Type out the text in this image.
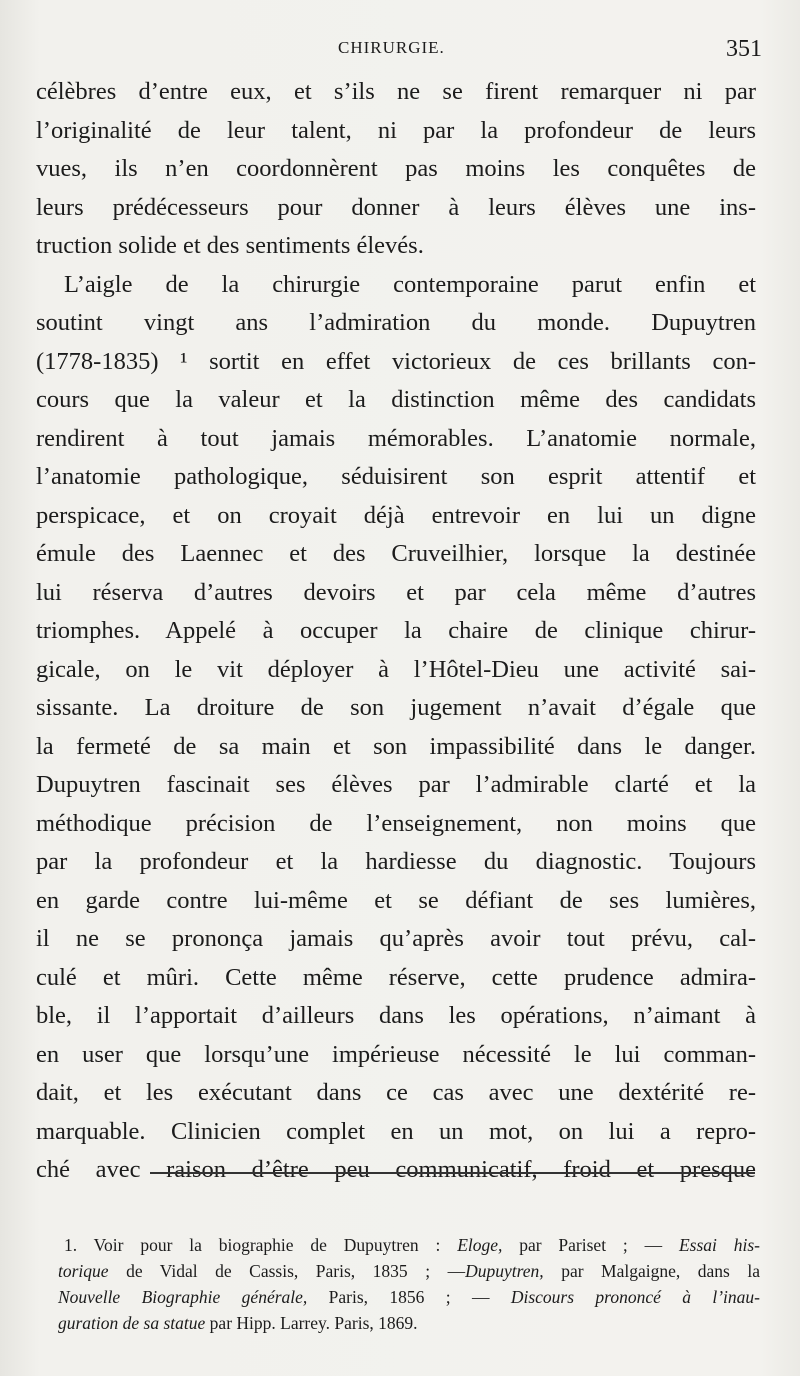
CHIRURGIE.	351
célèbres d’entre eux, et s’ils ne se firent remarquer ni par
l’originalité de leur talent, ni par la profondeur de leurs
vues, ils n’en coordonnèrent pas moins les conquêtes de
leurs prédécesseurs pour donner à leurs élèves une ins-
truction solide et des sentiments élevés.
L’aigle de la chirurgie contemporaine parut enfin et
soutint vingt ans l’admiration du monde. Dupuytren
(1778-1835) ¹ sortit en effet victorieux de ces brillants con-
cours que la valeur et la distinction même des candidats
rendirent à tout jamais mémorables. L’anatomie normale,
l’anatomie pathologique, séduisirent son esprit attentif et
perspicace, et on croyait déjà entrevoir en lui un digne
émule des Laennec et des Cruveilhier, lorsque la destinée
lui réserva d’autres devoirs et par cela même d’autres
triomphes. Appelé à occuper la chaire de clinique chirur-
gicale, on le vit déployer à l’Hôtel-Dieu une activité sai-
sissante. La droiture de son jugement n’avait d’égale que
la fermeté de sa main et son impassibilité dans le danger.
Dupuytren fascinait ses élèves par l’admirable clarté et la
méthodique précision de l’enseignement, non moins que
par la profondeur et la hardiesse du diagnostic. Toujours
en garde contre lui-même et se défiant de ses lumières,
il ne se prononça jamais qu’après avoir tout prévu, cal-
culé et mûri. Cette même réserve, cette prudence admira-
ble, il l’apportait d’ailleurs dans les opérations, n’aimant à
en user que lorsqu’une impérieuse nécessité le lui comman-
dait, et les exécutant dans ce cas avec une dextérité re-
marquable. Clinicien complet en un mot, on lui a repro-
ché avec raison d’être peu communicatif, froid et presque
1. Voir pour la biographie de Dupuytren : Eloge, par Pariset ; — Essai his-
torique de Vidal de Cassis, Paris, 1835 ; —Dupuytren, par Malgaigne, dans la
Nouvelle Biographie générale, Paris, 1856 ; — Discours prononcé à l’inau-
guration de sa statue par Hipp. Larrey. Paris, 1869.
